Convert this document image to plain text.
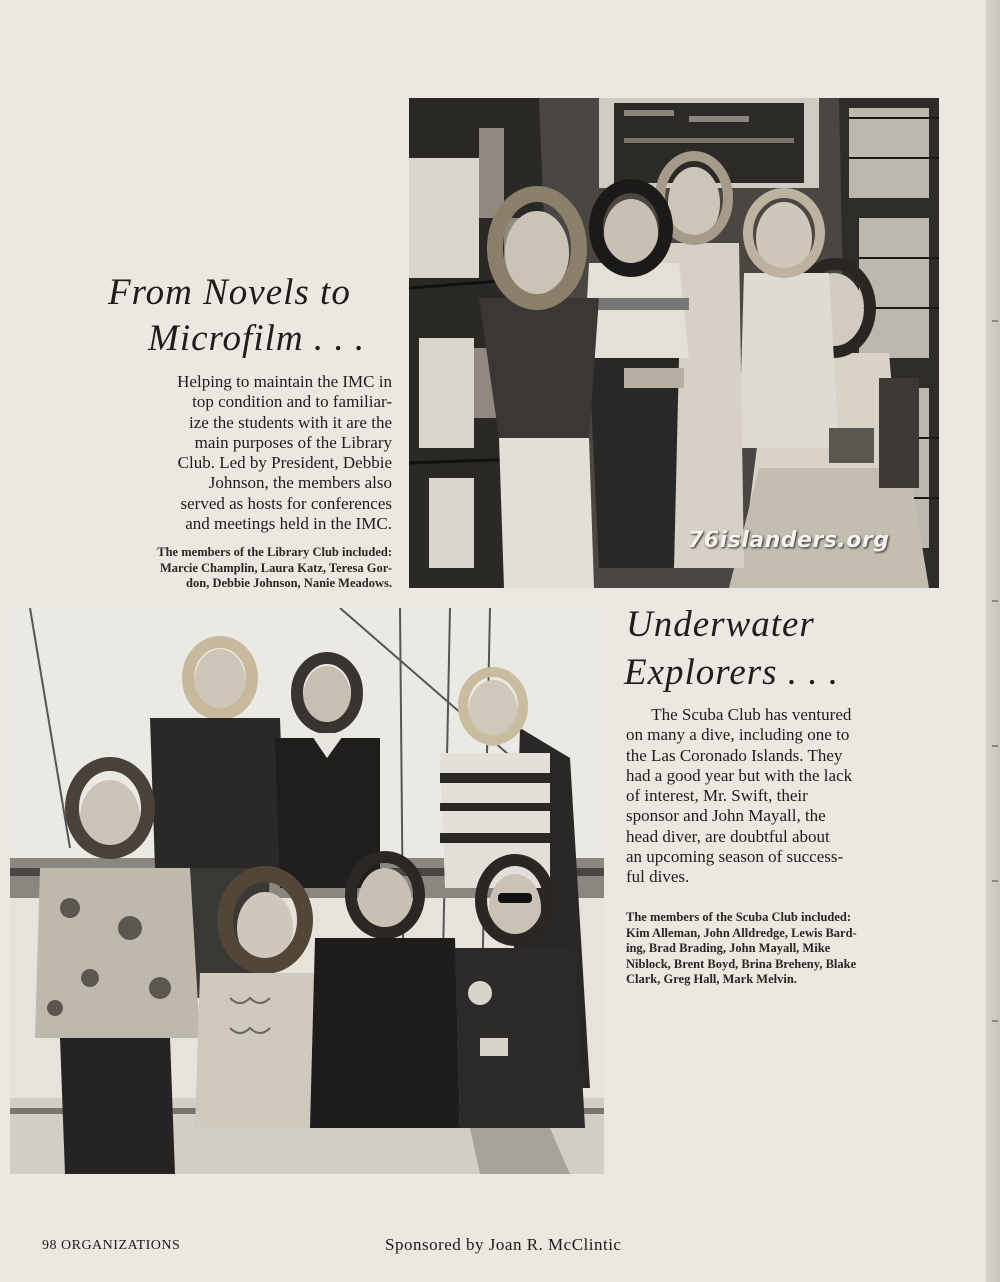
76islanders.org
From Novels to
Microfilm . . .
Helping to maintain the IMC in
top condition and to familiar-
ize the students with it are the
main purposes of the Library
Club. Led by President, Debbie
Johnson, the members also
served as hosts for conferences
and meetings held in the IMC.
The members of the Library Club included:
Marcie Champlin, Laura Katz, Teresa Gor-
don, Debbie Johnson, Nanie Meadows.
Underwater
Explorers . . .
The Scuba Club has ventured
on many a dive, including one to
the Las Coronado Islands. They
had a good year but with the lack
of interest, Mr. Swift, their
sponsor and John Mayall, the
head diver, are doubtful about
an upcoming season of success-
ful dives.
The members of the Scuba Club included:
Kim Alleman, John Alldredge, Lewis Bard-
ing, Brad Brading, John Mayall, Mike
Niblock, Brent Boyd, Brina Breheny, Blake
Clark, Greg Hall, Mark Melvin.
98 ORGANIZATIONS	Sponsored by Joan R. McClintic
